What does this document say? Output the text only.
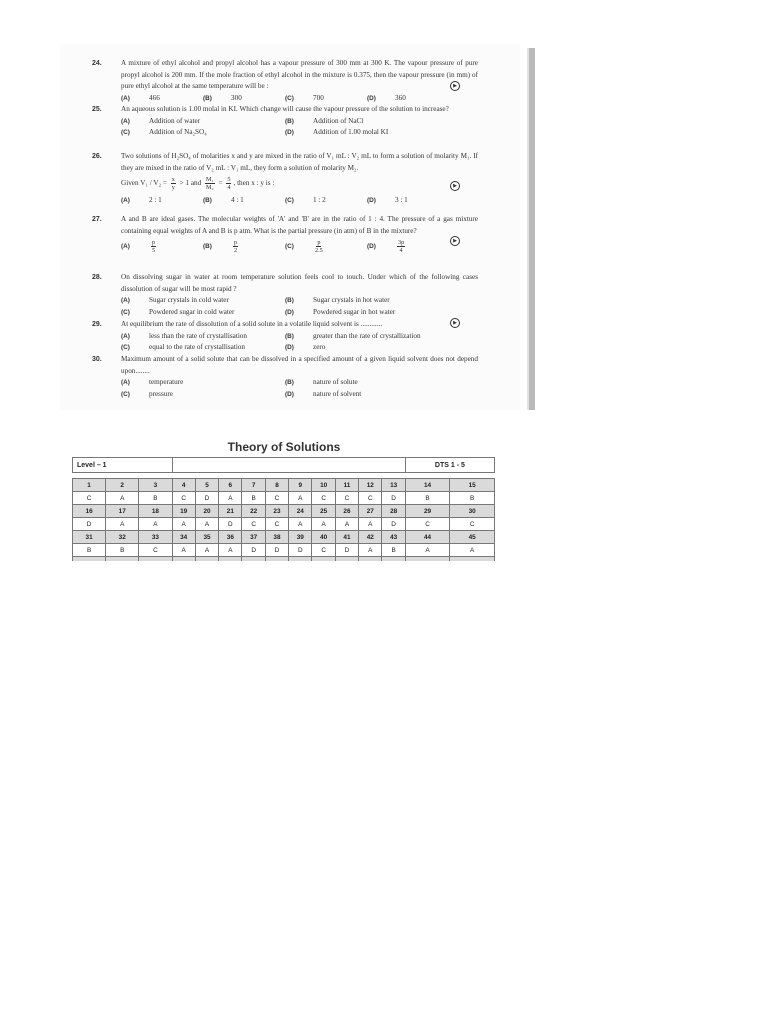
24.	A mixture of ethyl alcohol and propyl alcohol has a vapour pressure of 300 mm at 300 K. The vapour pressure of pure propyl alcohol is 200 mm. If the mole fraction of ethyl alcohol in the mixture is 0.375, then the vapour pressure (in mm) of pure ethyl alcohol at the same temperature will be :
(A)	466	(B)	300	(C)	700	(D)	360
▶
25.	An aqueous solution is 1.00 molal in KI. Which change will cause the vapour pressure of the solution to increase?
(A)	Addition of water	(B)	Addition of NaCl
(C)	Addition of Na₂SO₄	(D)	Addition of 1.00 molal KI
26.	Two solutions of H₂SO₄ of molarities x and y are mixed in the ratio of V₁ mL : V₂ mL to form a solution of molarity M₁. If they are mixed in the ratio of V₂ mL : V₁ mL, they form a solution of molarity M₂.
Given $V_1 / V_2 = \frac{x}{y} > 1$ and $\frac{\text{M₁}}{\text{M₂}} = \frac{5}{4}$ , then x : y is :
(A)	2 : 1	(B)	4 : 1	(C)	1 : 2	(D)	3 : 1
▶
27.	A and B are ideal gases. The molecular weights of 'A' and 'B' are in the ratio of 1 : 4. The pressure of a gas mixture containing equal weights of A and B is p atm. What is the partial pressure (in atm) of B in the mixture?
(A)	$\frac{p}{5}$	(B)	$\frac{p}{2}$	(C)	$\frac{p}{2.5}$	(D)	$\frac{3p}{4}$	▶
28.	On dissolving sugar in water at room temperature solution feels cool to touch. Under which of the following cases dissolution of sugar will be most rapid ?
(A)	Sugar crystals in cold water	(B)	Sugar crystals in hot water
(C)	Powdered sugar in cold water	(D)	Powdered sugar in hot water
29.	At equilibrium the rate of dissolution of a solid solute in a volatile liquid solvent is ............
(A)	less than the rate of crystallisation	(B)	greater than the rate of crystallization
(C)	equal to the rate of crystallisation	(D)	zero
▶
30.	Maximum amount of a solid solute that can be dissolved in a specified amount of a given liquid solvent does not depend upon........
(A)	temperature	(B)	nature of solute
(C)	pressure	(D)	nature of solvent
Theory of Solutions
Level – 1													DTS 1 - 5	

1	2	3	4	5	6	7	8	9	10	11	12	13	14	15
C	A	B	C	D	A	B	C	A	C	C	C	D	B	B
16	17	18	19	20	21	22	23	24	25	26	27	28	29	30
D	A	A	A	A	D	C	C	A	A	A	A	D	C	C
31	32	33	34	35	36	37	38	39	40	41	42	43	44	45
B	B	C	A	A	A	D	D	D	C	D	A	B	A	A
